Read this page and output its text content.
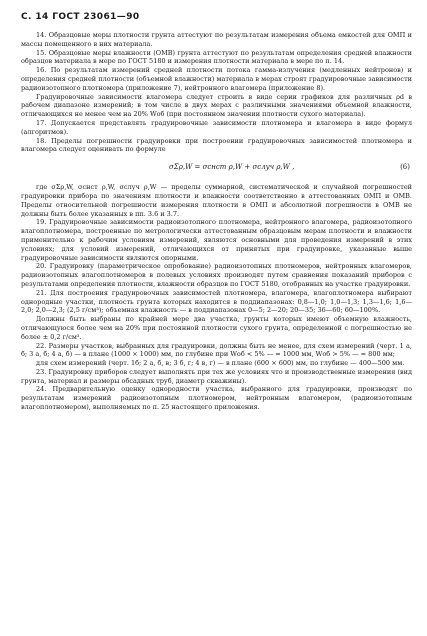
С. 14 ГОСТ 23061—90

14. Образцовые меры плотности грунта аттестуют по результатам измерения объема емкостей для ОМП и массы помещенного в них материала.

15. Образцовые меры влажности (ОМВ) грунта аттестуют по результатам определения средней влажности образцов материала в мере по ГОСТ 5180 и измерения плотности материала в мере по п. 14.

16. По результатам измерений средней плотности потока гамма-излучения (медленных нейтронов) и определения средней плотности (объемной влажности) материала в мерах строят градуировочные зависимости радиоизотопного плотномера (приложение 7), нейтронного влагомера (приложение 8).

Градуировочные зависимости влагомера следует строить в виде серии графиков для различных ρd в рабочем диапазоне измерений; в том числе в двух мерах с различными значениями объемной влажности, отличающихся не менее чем на 20% Wоб (при постоянном значении плотности сухого материала).

17. Допускается представлять градуировочные зависимости плотномера и влагомера в виде формул (алгоритмов).

18. Пределы погрешности градуировки при построении градуировочных зависимостей плотномера и влагомера следует оценивать по формуле

σΣρ,W = σснст ρ,W + σслуч ρ,W ,	(6)

где σΣρ,W, σснст ρ,W, σслуч ρ,W — пределы суммарной, систематической и случайной погрешностей градуировки прибора по значениям плотности и влажности соответственно в аттестованных ОМП и ОМВ. Пределы относительной погрешности измерения плотности в ОМП и абсолютной погрешности в ОМВ не должны быть более указанных в пп. 3.6 и 3.7.

19. Градуировочные зависимости радиоизотопного плотномера, нейтронного влагомера, радиоизотопного влагоплотномера, построенные по метрологически аттестованным образцовым мерам плотности и влажности применительно к рабочим условиям измерений, являются основными для проведения измерений в этих условиях; для условий измерений, отличающихся от принятых при градуировке, указанные выше градуировочные зависимости являются опорными.

20. Градуировку (параметрическое опробование) радиоизотопных плотномеров, нейтронных влагомеров, радиоизотопных влагоплотномеров в полевых условиях производят путем сравнения показаний приборов с результатами определения плотности, влажности образцов по ГОСТ 5180, отобранных на участке градуировки.

21. Для построения градуировочных зависимостей плотномера, влагомера, влагоплотномера выбирают однородные участки, плотность грунта которых находится в поддиапазонах: 0,8—1,0; 1,0—1,3; 1,3—1,6; 1,6—2,0; 2,0—2,3; (2,5 г/см³); объемная влажность — в поддиапазонах 0—5; 2—20; 20—35; 36—60; 60—100%.

Должны быть выбраны по крайней мере два участка, грунты которых имеют объемную влажность, отличающуюся более чем на 20% при постоянной плотности сухого грунта, определенной с погрешностью не более ± 0,2 г/см³.

22. Размеры участков, выбранных для градуировки, должны быть не менее, для схем измерений (черт. 1 а, б; 3 а, б; 4 а, б) — в плане (1000 × 1000) мм, по глубине при Wоб < 5% — ≈ 1000 мм, Wоб > 5% — ≈ 800 мм;

для схем измерений (черт. 1б; 2 а, б, в; 3 б, г; 4 в, г) — в плане (600 × 600) мм, по глубине — 400—500 мм.

23. Градуировку приборов следует выполнять при тех же условиях что и производственные измерения (вид грунта, материал и размеры обсадных труб, диаметр скважины).

24. Предварительную оценку однородности участка, выбранного для градуировки, производят по результатам измерений радиоизотопным плотномером, нейтронным влагомером, (радиоизотопным влагоплотномером), выполняемых по п. 25 настоящего приложения.
